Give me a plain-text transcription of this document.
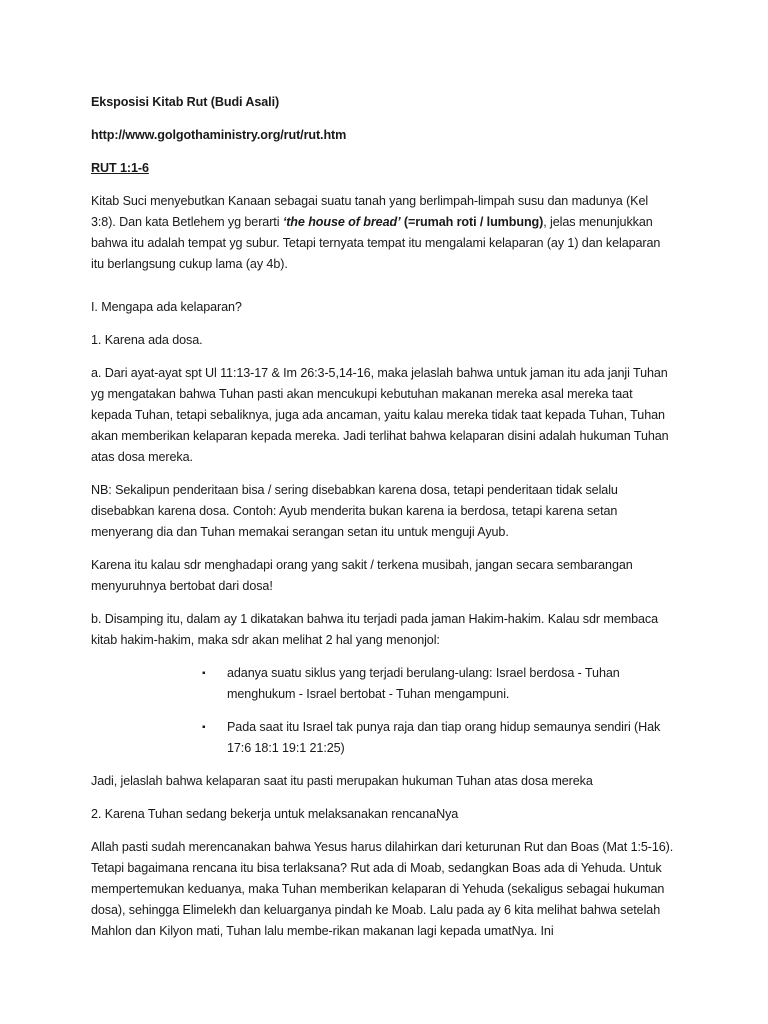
Eksposisi Kitab Rut (Budi Asali)

http://www.golgothaministry.org/rut/rut.htm

RUT 1:1-6

Kitab Suci menyebutkan Kanaan sebagai suatu tanah yang berlimpah-limpah susu dan madunya (Kel 3:8). Dan kata Betlehem yg berarti ‘the house of bread’ (=rumah roti / lumbung), jelas menunjukkan bahwa itu adalah tempat yg subur. Tetapi ternyata tempat itu mengalami kelaparan (ay 1) dan kelaparan itu berlangsung cukup lama (ay 4b).

I. Mengapa ada kelaparan?

1. Karena ada dosa.

a. Dari ayat-ayat spt Ul 11:13-17 & Im 26:3-5,14-16, maka jelaslah bahwa untuk jaman itu ada janji Tuhan yg mengatakan bahwa Tuhan pasti akan mencukupi kebutuhan makanan mereka asal mereka taat kepada Tuhan, tetapi sebaliknya, juga ada ancaman, yaitu kalau mereka tidak taat kepada Tuhan, Tuhan akan memberikan kelaparan kepada mereka. Jadi terlihat bahwa kelaparan disini adalah hukuman Tuhan atas dosa mereka.

NB: Sekalipun penderitaan bisa / sering disebabkan karena dosa, tetapi penderitaan tidak selalu disebabkan karena dosa. Contoh: Ayub menderita bukan karena ia berdosa, tetapi karena setan menyerang dia dan Tuhan memakai serangan setan itu untuk menguji Ayub.

Karena itu kalau sdr menghadapi orang yang sakit / terkena musibah, jangan secara sembarangan menyuruhnya bertobat dari dosa!

b. Disamping itu, dalam ay 1 dikatakan bahwa itu terjadi pada jaman Hakim-hakim. Kalau sdr membaca kitab hakim-hakim, maka sdr akan melihat 2 hal yang menonjol:

▪ adanya suatu siklus yang terjadi berulang-ulang: Israel berdosa - Tuhan menghukum - Israel bertobat - Tuhan mengampuni.
▪ Pada saat itu Israel tak punya raja dan tiap orang hidup semaunya sendiri (Hak 17:6 18:1 19:1 21:25)

Jadi, jelaslah bahwa kelaparan saat itu pasti merupakan hukuman Tuhan atas dosa mereka

2. Karena Tuhan sedang bekerja untuk melaksanakan rencanaNya

Allah pasti sudah merencanakan bahwa Yesus harus dilahirkan dari keturunan Rut dan Boas (Mat 1:5-16). Tetapi bagaimana rencana itu bisa terlaksana? Rut ada di Moab, sedangkan Boas ada di Yehuda. Untuk mempertemukan keduanya, maka Tuhan memberikan kelaparan di Yehuda (sekaligus sebagai hukuman dosa), sehingga Elimelekh dan keluarganya pindah ke Moab. Lalu pada ay 6 kita melihat bahwa setelah Mahlon dan Kilyon mati, Tuhan lalu membe-rikan makanan lagi kepada umatNya. Ini
